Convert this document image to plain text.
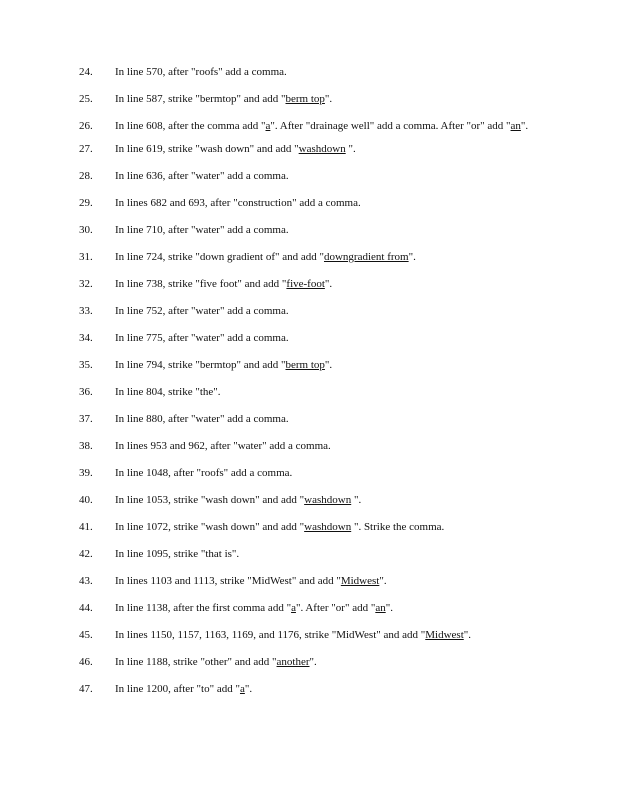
24.	In line 570, after "roofs" add a comma.
25.	In line 587, strike "bermtop" and add "berm top".
26.	In line 608, after the comma add "a". After "drainage well" add a comma. After "or" add "an".
27.	In line 619, strike "wash down" and add "washdown ".
28.	In line 636, after "water" add a comma.
29.	In lines 682 and 693, after "construction" add a comma.
30.	In line 710, after "water" add a comma.
31.	In line 724, strike "down gradient of" and add "downgradient from".
32.	In line 738, strike "five foot" and add "five-foot".
33.	In line 752, after "water" add a comma.
34.	In line 775, after "water" add a comma.
35.	In line 794, strike "bermtop" and add "berm top".
36.	In line 804, strike "the".
37.	In line 880, after "water" add a comma.
38.	In lines 953 and 962, after "water" add a comma.
39.	In line 1048, after "roofs" add a comma.
40.	In line 1053, strike "wash down" and add "washdown ".
41.	In line 1072, strike "wash down" and add "washdown ". Strike the comma.
42.	In line 1095, strike "that is".
43.	In lines 1103 and 1113, strike "MidWest" and add "Midwest".
44.	In line 1138, after the first comma add "a". After "or" add "an".
45.	In lines 1150, 1157, 1163, 1169, and 1176, strike "MidWest" and add "Midwest".
46.	In line 1188, strike "other" and add "another".
47.	In line 1200, after "to" add "a".
